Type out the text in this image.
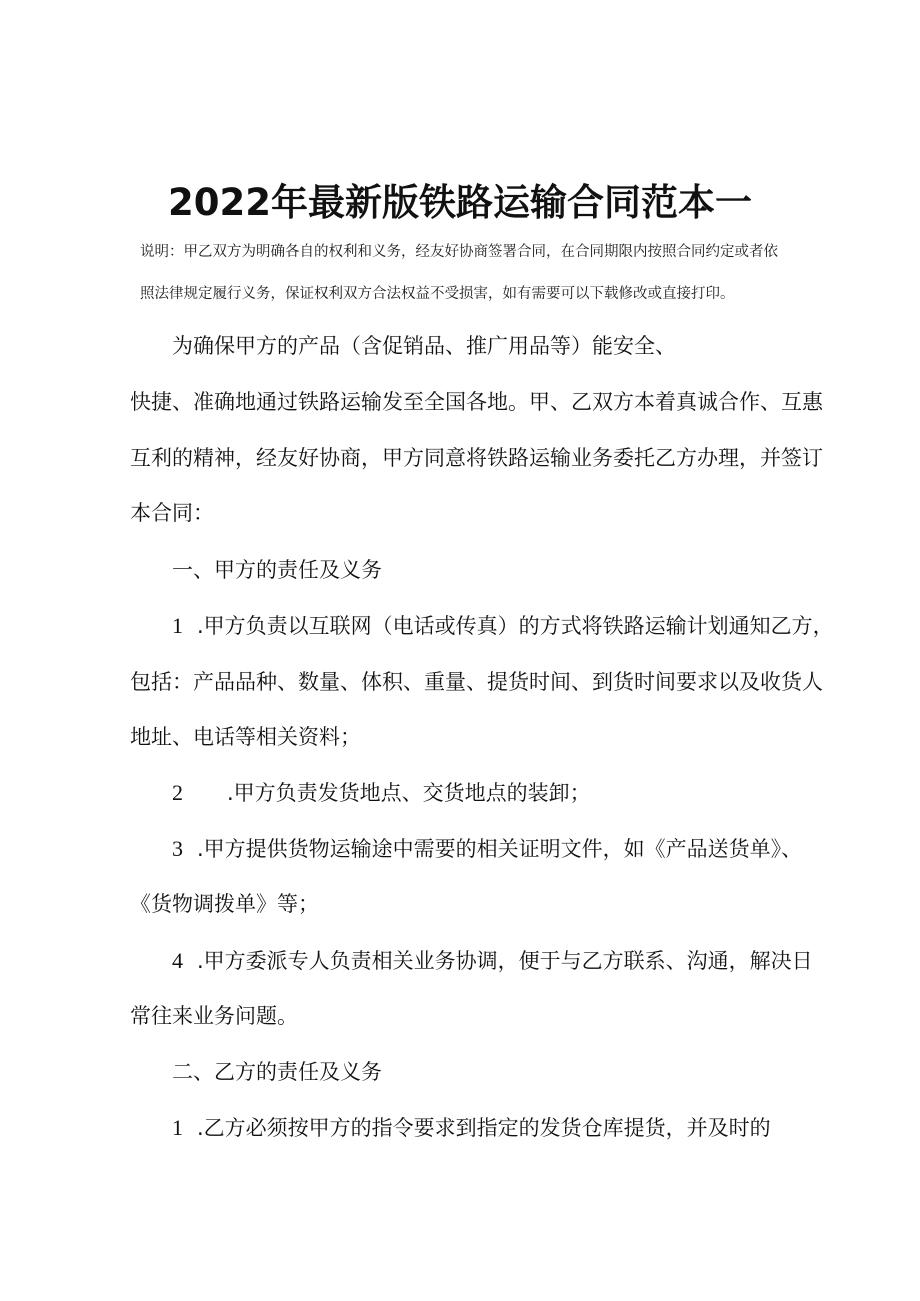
2022年最新版铁路运输合同范本一
说明：甲乙双方为明确各自的权利和义务，经友好协商签署合同，在合同期限内按照合同约定或者依
照法律规定履行义务，保证权利双方合法权益不受损害，如有需要可以下载修改或直接打印。
为确保甲方的产品（含促销品、推广用品等）能安全、
快捷、准确地通过铁路运输发至全国各地。甲、乙双方本着真诚合作、互惠
互利的精神，经友好协商，甲方同意将铁路运输业务委托乙方办理，并签订
本合同：
一、甲方的责任及义务
1 .甲方负责以互联网（电话或传真）的方式将铁路运输计划通知乙方，
包括：产品品种、数量、体积、重量、提货时间、到货时间要求以及收货人
地址、电话等相关资料；
2 .甲方负责发货地点、交货地点的装卸；
3 .甲方提供货物运输途中需要的相关证明文件，如《产品送货单》、
《货物调拨单》等；
4 .甲方委派专人负责相关业务协调，便于与乙方联系、沟通，解决日
常往来业务问题。
二、乙方的责任及义务
1 .乙方必须按甲方的指令要求到指定的发货仓库提货，并及时的
